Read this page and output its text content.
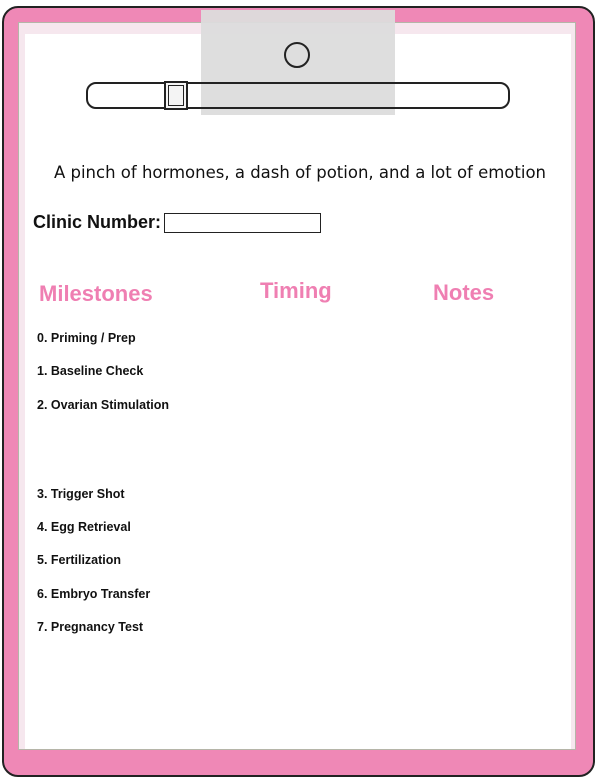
A pinch of hormones, a dash of potion, and a lot of emotion
Clinic Number:
Milestones	Timing	Notes
0. Priming / Prep
1. Baseline Check
2. Ovarian Stimulation
3. Trigger Shot
4. Egg Retrieval
5. Fertilization
6. Embryo Transfer
7. Pregnancy Test
